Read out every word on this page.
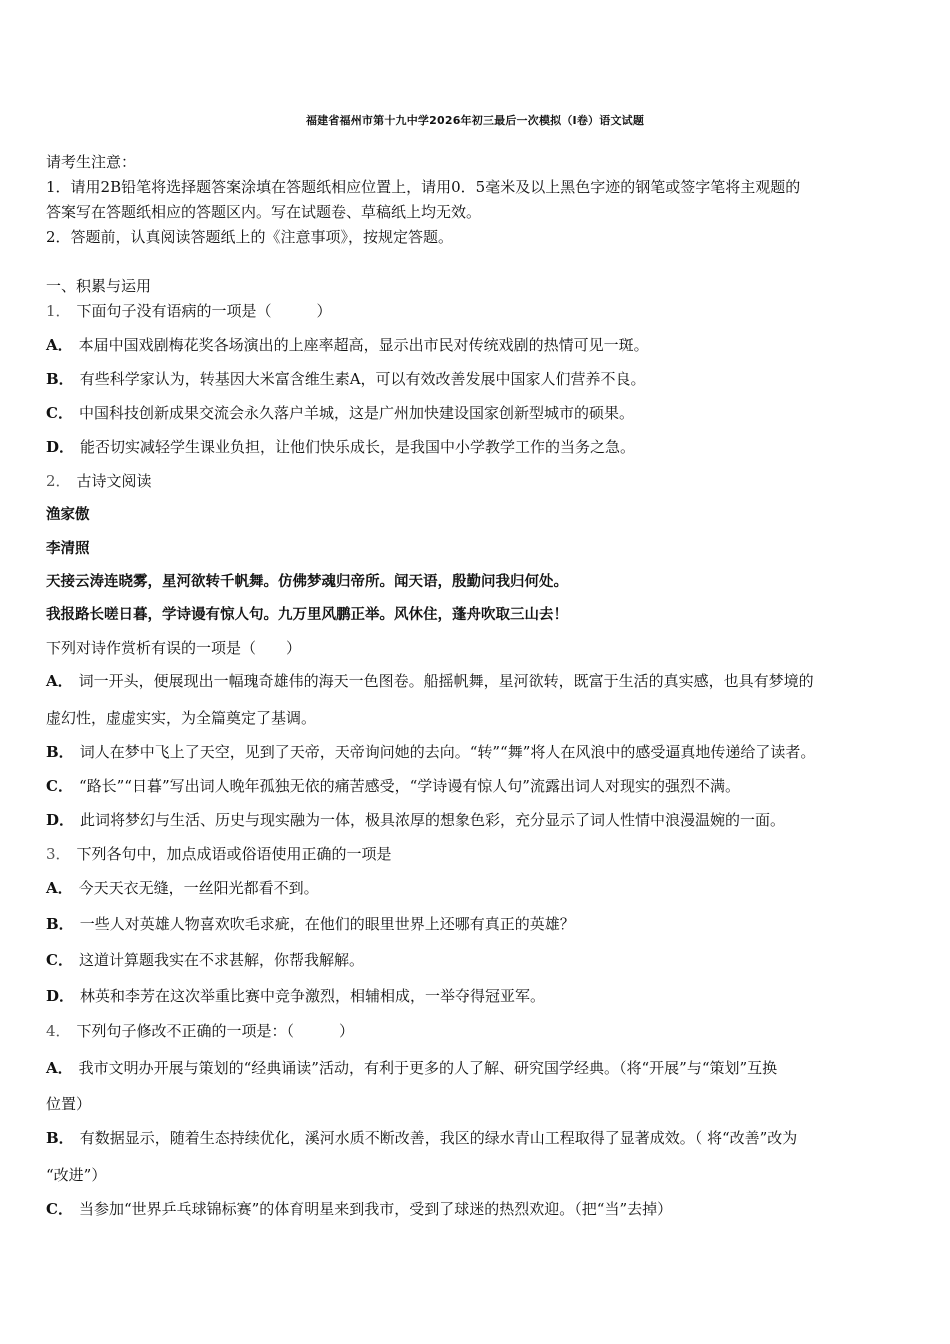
福建省福州市第十九中学2026年初三最后一次模拟（I卷）语文试题
请考生注意：
1．请用2B铅笔将选择题答案涂填在答题纸相应位置上，请用0．5毫米及以上黑色字迹的钢笔或签字笔将主观题的
答案写在答题纸相应的答题区内。写在试题卷、草稿纸上均无效。
2．答题前，认真阅读答题纸上的《注意事项》，按规定答题。
一、积累与运用
1． 下面句子没有语病的一项是（　　　）
A． 本届中国戏剧梅花奖各场演出的上座率超高，显示出市民对传统戏剧的热情可见一斑。
B． 有些科学家认为，转基因大米富含维生素A，可以有效改善发展中国家人们营养不良。
C． 中国科技创新成果交流会永久落户羊城，这是广州加快建设国家创新型城市的硕果。
D． 能否切实减轻学生课业负担，让他们快乐成长，是我国中小学教学工作的当务之急。
2． 古诗文阅读
渔家傲
李清照
天接云涛连晓雾，星河欲转千帆舞。仿佛梦魂归帝所。闻天语，殷勤问我归何处。
我报路长嗟日暮，学诗谩有惊人句。九万里风鹏正举。风休住，蓬舟吹取三山去！
下列对诗作赏析有误的一项是（　　）
A． 词一开头，便展现出一幅瑰奇雄伟的海天一色图卷。船摇帆舞，星河欲转，既富于生活的真实感，也具有梦境的
虚幻性，虚虚实实，为全篇奠定了基调。
B． 词人在梦中飞上了天空，见到了天帝，天帝询问她的去向。“转”“舞”将人在风浪中的感受逼真地传递给了读者。
C． “路长”“日暮”写出词人晚年孤独无依的痛苦感受，“学诗谩有惊人句”流露出词人对现实的强烈不满。
D． 此词将梦幻与生活、历史与现实融为一体，极具浓厚的想象色彩，充分显示了词人性情中浪漫温婉的一面。
3． 下列各句中，加点成语或俗语使用正确的一项是
A． 今天天衣无缝，一丝阳光都看不到。
B． 一些人对英雄人物喜欢吹毛求疵，在他们的眼里世界上还哪有真正的英雄？
C． 这道计算题我实在不求甚解，你帮我解解。
D． 林英和李芳在这次举重比赛中竞争激烈，相辅相成，一举夺得冠亚军。
4． 下列句子修改不正确的一项是：（　　　）
A． 我市文明办开展与策划的“经典诵读”活动，有利于更多的人了解、研究国学经典。（将“开展”与“策划”互换
位置）
B． 有数据显示，随着生态持续优化，溪河水质不断改善，我区的绿水青山工程取得了显著成效。（ 将“改善”改为
“改进”）
C． 当参加“世界乒乓球锦标赛”的体育明星来到我市，受到了球迷的热烈欢迎。（把“当”去掉）
